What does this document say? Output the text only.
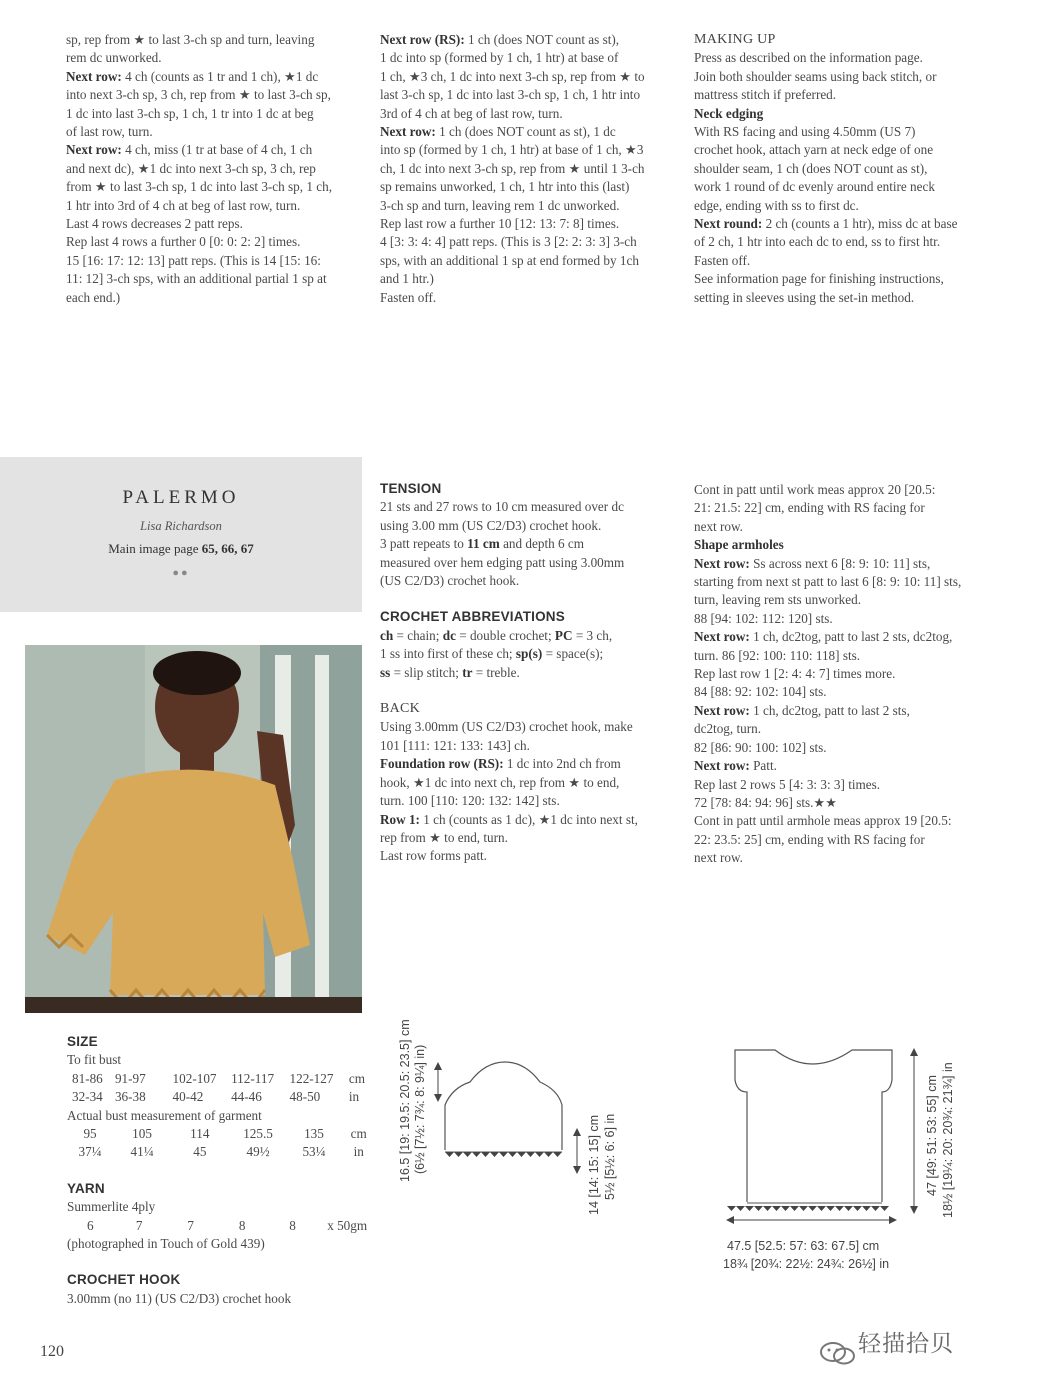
sp, rep from ★ to last 3-ch sp and turn, leaving

rem dc unworked.

Next row: 4 ch (counts as 1 tr and 1 ch), ★1 dc

into next 3-ch sp, 3 ch, rep from ★ to last 3-ch sp,

1 dc into last 3-ch sp, 1 ch, 1 tr into 1 dc at beg

of last row, turn.

Next row: 4 ch, miss (1 tr at base of 4 ch, 1 ch

and next dc), ★1 dc into next 3-ch sp, 3 ch, rep

from ★ to last 3-ch sp, 1 dc into last 3-ch sp, 1 ch,

1 htr into 3rd of 4 ch at beg of last row, turn.

Last 4 rows decreases 2 patt reps.

Rep last 4 rows a further 0 [0: 0: 2: 2] times.

15 [16: 17: 12: 13] patt reps. (This is 14 [15: 16:

11: 12] 3-ch sps, with an additional partial 1 sp at

each end.)

Next row (RS): 1 ch (does NOT count as st),

1 dc into sp (formed by 1 ch, 1 htr) at base of

1 ch, ★3 ch, 1 dc into next 3-ch sp, rep from ★ to

last 3-ch sp, 1 dc into last 3-ch sp, 1 ch, 1 htr into

3rd of 4 ch at beg of last row, turn.

Next row: 1 ch (does NOT count as st), 1 dc

into sp (formed by 1 ch, 1 htr) at base of 1 ch, ★3

ch, 1 dc into next 3-ch sp, rep from ★ until 1 3-ch

sp remains unworked, 1 ch, 1 htr into this (last)

3-ch sp and turn, leaving rem 1 dc unworked.

Rep last row a further 10 [12: 13: 7: 8] times.

4 [3: 3: 4: 4] patt reps. (This is 3 [2: 2: 3: 3] 3-ch

sps, with an additional 1 sp at end formed by 1ch

and 1 htr.)

Fasten off.

MAKING UP

Press as described on the information page.

Join both shoulder seams using back stitch, or

mattress stitch if preferred.

Neck edging

With RS facing and using 4.50mm (US 7)

crochet hook, attach yarn at neck edge of one

shoulder seam, 1 ch (does NOT count as st),

work 1 round of dc evenly around entire neck

edge, ending with ss to first dc.

Next round: 2 ch (counts a 1 htr), miss dc at base

of 2 ch, 1 htr into each dc to end, ss to first htr.

Fasten off.

See information page for finishing instructions,

setting in sleeves using the set-in method.

PALERMO
Lisa Richardson
Main image page 65, 66, 67
●●

TENSION

21 sts and 27 rows to 10 cm measured over dc

using 3.00 mm (US C2/D3) crochet hook.

3 patt repeats to 11 cm and depth 6 cm

measured over hem edging patt using 3.00mm

(US C2/D3) crochet hook.

CROCHET ABBREVIATIONS

ch = chain; dc = double crochet; PC = 3 ch,

1 ss into first of these ch; sp(s) = space(s);

ss = slip stitch; tr = treble.

BACK

Using 3.00mm (US C2/D3) crochet hook, make

101 [111: 121: 133: 143] ch.

Foundation row (RS): 1 dc into 2nd ch from

hook, ★1 dc into next ch, rep from ★ to end,

turn. 100 [110: 120: 132: 142] sts.

Row 1: 1 ch (counts as 1 dc), ★1 dc into next st,

rep from ★ to end, turn.

Last row forms patt.

Cont in patt until work meas approx 20 [20.5:

21: 21.5: 22] cm, ending with RS facing for

next row.

Shape armholes

Next row: Ss across next 6 [8: 9: 10: 11] sts,

starting from next st patt to last 6 [8: 9: 10: 11] sts,

turn, leaving rem sts unworked.

88 [94: 102: 112: 120] sts.

Next row: 1 ch, dc2tog, patt to last 2 sts, dc2tog,

turn. 86 [92: 100: 110: 118] sts.

Rep last row 1 [2: 4: 4: 7] times more.

84 [88: 92: 102: 104] sts.

Next row: 1 ch, dc2tog, patt to last 2 sts,

dc2tog, turn.

82 [86: 90: 100: 102] sts.

Next row: Patt.

Rep last 2 rows 5 [4: 3: 3: 3] times.

72 [78: 84: 94: 96] sts.★★

Cont in patt until armhole meas approx 19 [20.5:

22: 23.5: 25] cm, ending with RS facing for

next row.

SIZE

To fit bust

81-86	91-97	102-107	112-117	122-127	cm
32-34	36-38	40-42	44-46	48-50	in

Actual bust measurement of garment

95	105	114	125.5	135	cm
37¼	41¼	45	49½	53¼	in

YARN

Summerlite 4ply

6	7	7	8	8	x 50gm

(photographed in Touch of Gold 439)

CROCHET HOOK

3.00mm (no 11) (US C2/D3) crochet hook

16.5 [19: 19.5: 20.5: 23.5] cm (6½ [7½: 7¾: 8: 9¼] in)	14 [14: 15: 15] cm 5½ [5½: 6: 6] in
47.5 [52.5: 57: 63: 67.5] cm
18¾ [20¾: 22½: 24¾: 26½] in
47 [49: 51: 53: 55] cm 18½ [19¼: 20: 20¾: 21¾] in
120	轻描拾贝
